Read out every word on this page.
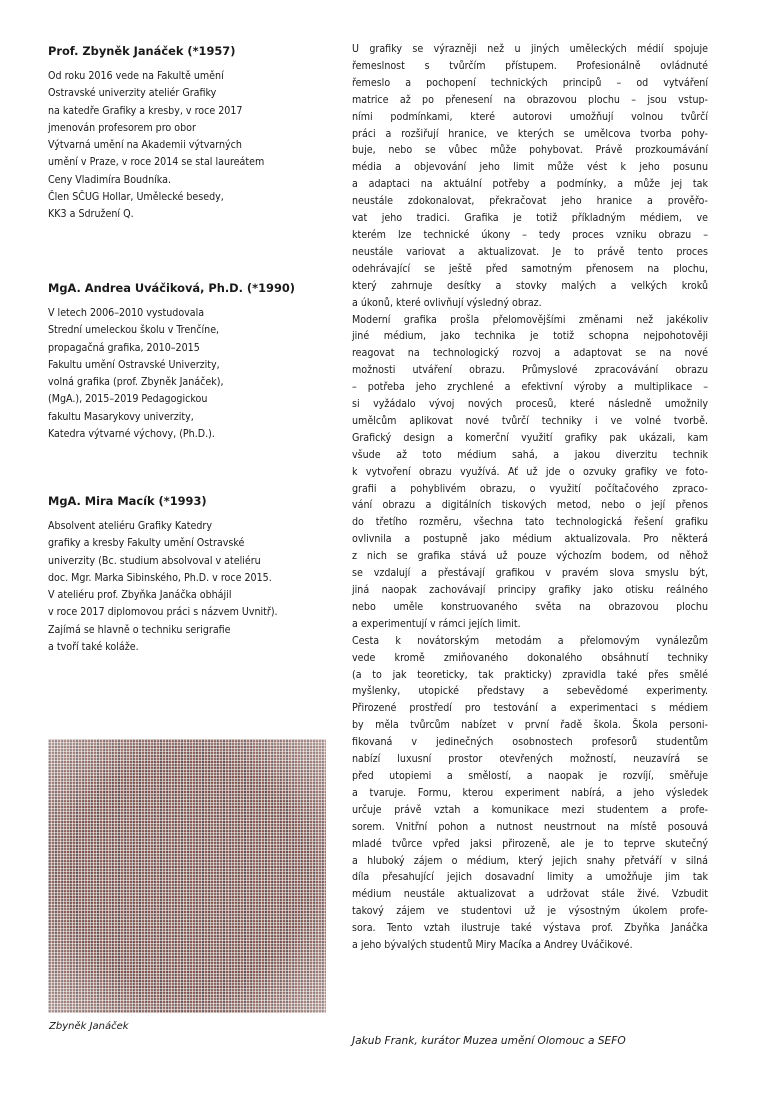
Prof. Zbyněk Janáček (*1957)
Od roku 2016 vede na Fakultě umění
Ostravské univerzity ateliér Grafiky
na katedře Grafiky a kresby, v roce 2017
jmenován profesorem pro obor
Výtvarná umění na Akademii výtvarných
umění v Praze, v roce 2014 se stal laureátem
Ceny Vladimíra Boudníka.
Člen SČUG Hollar, Umělecké besedy,
KK3 a Sdružení Q.
MgA. Andrea Uváčiková, Ph.D. (*1990)
V letech 2006–2010 vystudovala
Strední umeleckou školu v Trenčíne,
propagačná grafika, 2010–2015
Fakultu umění Ostravské Univerzity,
volná grafika (prof. Zbyněk Janáček),
(MgA.), 2015–2019 Pedagogickou
fakultu Masarykovy univerzity,
Katedra výtvarné výchovy, (Ph.D.).
MgA. Mira Macík (*1993)
Absolvent ateliéru Grafiky Katedry
grafiky a kresby Fakulty umění Ostravské
univerzity (Bc. studium absolvoval v ateliéru
doc. Mgr. Marka Sibinského, Ph.D. v roce 2015.
V ateliéru prof. Zbyňka Janáčka obhájil
v roce 2017 diplomovou práci s názvem Uvnitř).
Zajímá se hlavně o techniku serigrafie
a tvoří také koláže.
Zbyněk Janáček
U grafiky se výrazněji než u jiných uměleckých médií spojuje
řemeslnost s tvůrčím přístupem. Profesionálně ovládnuté
řemeslo a pochopení technických principů – od vytváření
matrice až po přenesení na obrazovou plochu – jsou vstup-
ními podmínkami, které autorovi umožňují volnou tvůrčí
práci a rozšiřují hranice, ve kterých se umělcova tvorba pohy-
buje, nebo se vůbec může pohybovat. Právě prozkoumávání
média a objevování jeho limit může vést k jeho posunu
a adaptaci na aktuální potřeby a podmínky, a může jej tak
neustále zdokonalovat, překračovat jeho hranice a prověřo-
vat jeho tradici. Grafika je totiž příkladným médiem, ve
kterém lze technické úkony – tedy proces vzniku obrazu –
neustále variovat a aktualizovat. Je to právě tento proces
odehrávající se ještě před samotným přenosem na plochu,
který zahrnuje desítky a stovky malých a velkých kroků
a úkonů, které ovlivňují výsledný obraz.
Moderní grafika prošla přelomovějšími změnami než jakékoliv
jiné médium, jako technika je totiž schopna nejpohotověji
reagovat na technologický rozvoj a adaptovat se na nové
možnosti utváření obrazu. Průmyslové zpracovávání obrazu
– potřeba jeho zrychlené a efektivní výroby a multiplikace –
si vyžádalo vývoj nových procesů, které následně umožnily
umělcům aplikovat nové tvůrčí techniky i ve volné tvorbě.
Grafický design a komerční využití grafiky pak ukázali, kam
všude až toto médium sahá, a jakou diverzitu technik
k vytvoření obrazu využívá. Ať už jde o ozvuky grafiky ve foto-
grafii a pohyblivém obrazu, o využití počítačového zpraco-
vání obrazu a digitálních tiskových metod, nebo o její přenos
do třetího rozměru, všechna tato technologická řešení grafiku
ovlivnila a postupně jako médium aktualizovala. Pro některá
z nich se grafika stává už pouze výchozím bodem, od něhož
se vzdalují a přestávají grafikou v pravém slova smyslu být,
jiná naopak zachovávají principy grafiky jako otisku reálného
nebo uměle konstruovaného světa na obrazovou plochu
a experimentují v rámci jejích limit.
Cesta k novátorským metodám a přelomovým vynálezům
vede kromě zmiňovaného dokonalého obsáhnutí techniky
(a to jak teoreticky, tak prakticky) zpravidla také přes smělé
myšlenky, utopické představy a sebevědomé experimenty.
Přirozené prostředí pro testování a experimentaci s médiem
by měla tvůrcům nabízet v první řadě škola. Škola personi-
fikovaná v jedinečných osobnostech profesorů studentům
nabízí luxusní prostor otevřených možností, neuzavírá se
před utopiemi a smělostí, a naopak je rozvíjí, směřuje
a tvaruje. Formu, kterou experiment nabírá, a jeho výsledek
určuje právě vztah a komunikace mezi studentem a profe-
sorem. Vnitřní pohon a nutnost neustrnout na místě posouvá
mladé tvůrce vpřed jaksi přirozeně, ale je to teprve skutečný
a hluboký zájem o médium, který jejich snahy přetváří v silná
díla přesahující jejich dosavadní limity a umožňuje jim tak
médium neustále aktualizovat a udržovat stále živé. Vzbudit
takový zájem ve studentovi už je výsostným úkolem profe-
sora. Tento vztah ilustruje také výstava prof. Zbyňka Janáčka
a jeho bývalých studentů Miry Macíka a Andrey Uváčikové.
Jakub Frank, kurátor Muzea umění Olomouc a SEFO
